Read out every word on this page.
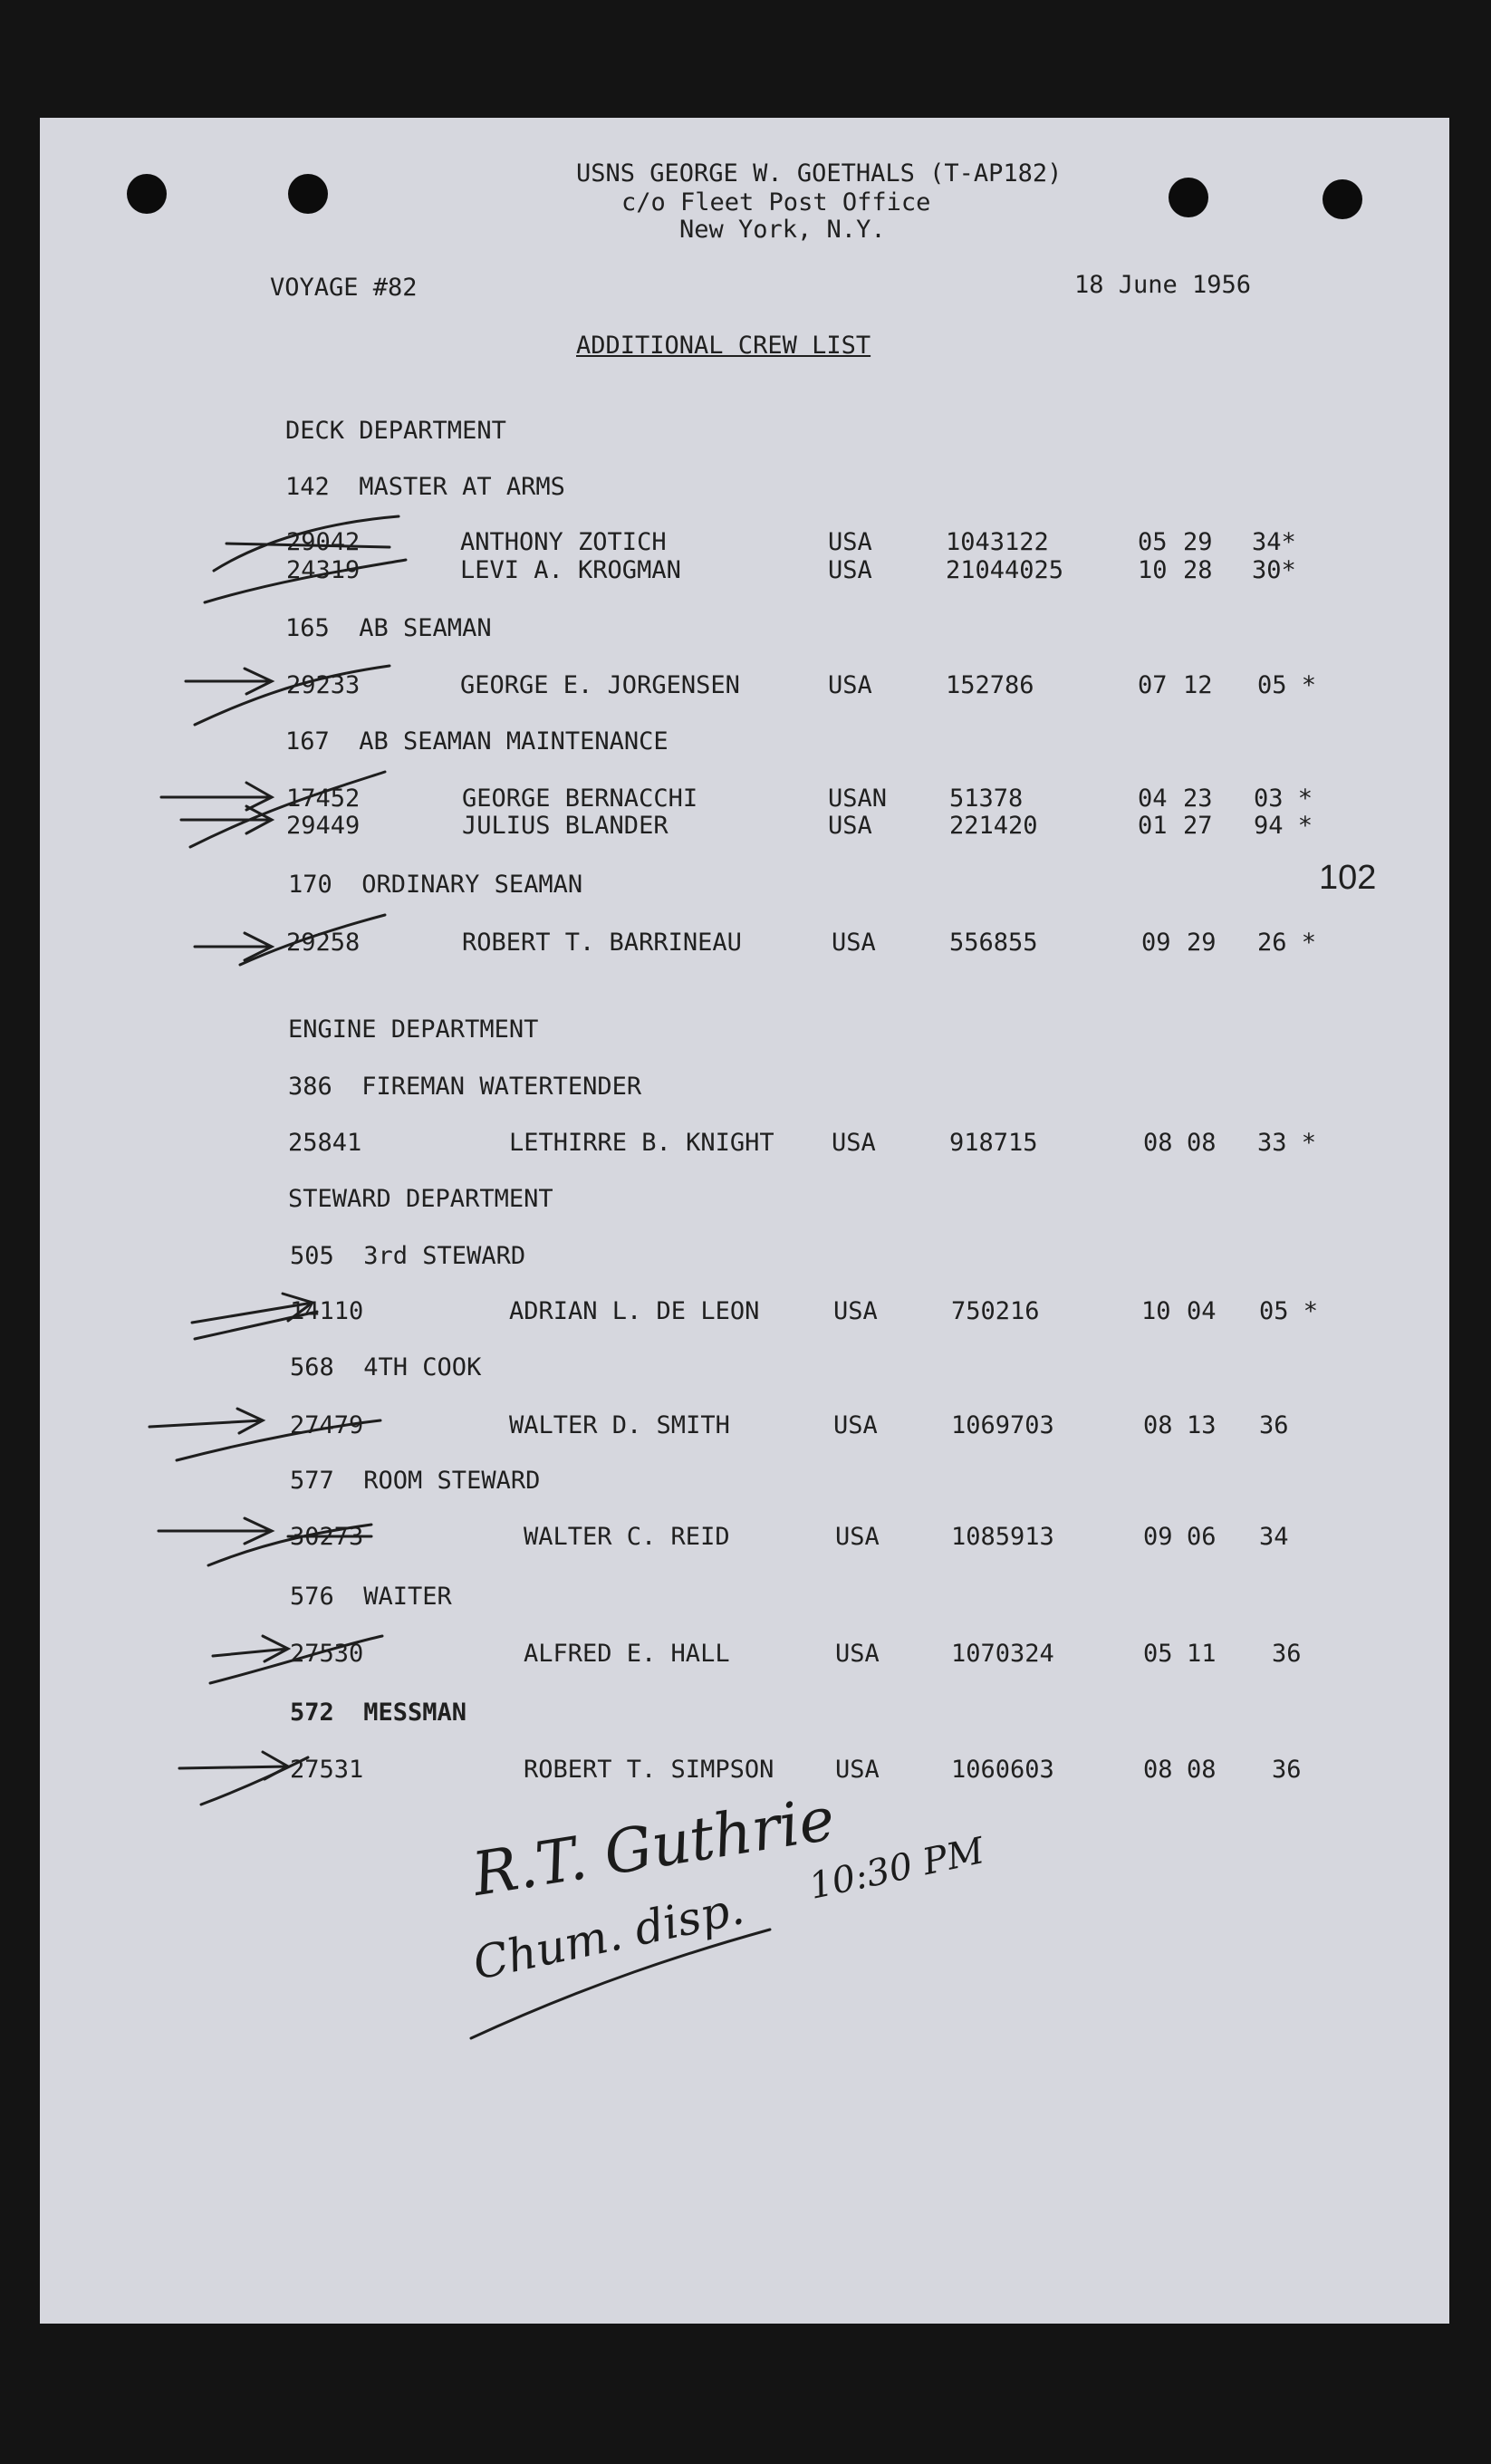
USNS GEORGE W. GOETHALS (T-AP182)
c/o Fleet Post Office
New York, N.Y.
VOYAGE #82	18 June 1956
ADDITIONAL CREW LIST
102
DECK DEPARTMENT
142  MASTER AT ARMS
29042	ANTHONY ZOTICH	USA	1043122	05 29 34*
24319	LEVI A. KROGMAN	USA	21044025	10 28 30*
165  AB SEAMAN
29233	GEORGE E. JORGENSEN	USA	152786	07 12 05 *
167  AB SEAMAN MAINTENANCE
17452	GEORGE BERNACCHI	USAN	51378	04 23 03 *
29449	JULIUS BLANDER	USA	221420	01 27 94 *
170  ORDINARY SEAMAN
29258	ROBERT T. BARRINEAU	USA	556855	09 29 26 *
ENGINE DEPARTMENT
386  FIREMAN WATERTENDER
25841	LETHIRRE B. KNIGHT USA	918715	08 08 33 *
STEWARD DEPARTMENT
505  3rd STEWARD
14110	ADRIAN L. DE LEON	USA	750216	10 04 05 *
568  4TH COOK
27479	WALTER D. SMITH	USA	1069703	08 13 36
577  ROOM STEWARD
30273	WALTER C. REID	USA	1085913	09 06 34
576  WAITER
27530	ALFRED E. HALL	USA	1070324	05 11 36
572  MESSMAN
27531	ROBERT T. SIMPSON	USA	1060603	08 08 36
R.T. Guthrie
Chum. disp.
10:30 PM
